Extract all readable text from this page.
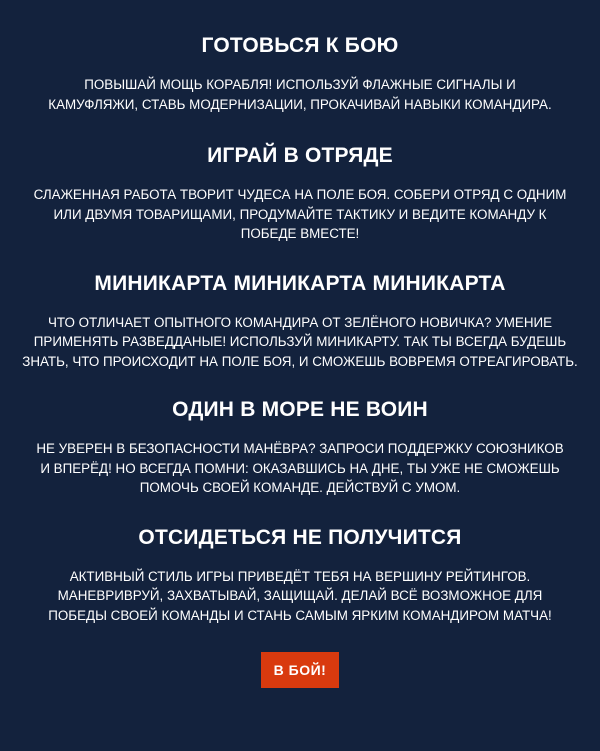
ГОТОВЬСЯ К БОЮ

ПОВЫШАЙ МОЩЬ КОРАБЛЯ! ИСПОЛЬЗУЙ ФЛАЖНЫЕ СИГНАЛЫ И КАМУФЛЯЖИ, СТАВЬ МОДЕРНИЗАЦИИ, ПРОКАЧИВАЙ НАВЫКИ КОМАНДИРА.

ИГРАЙ В ОТРЯДЕ

СЛАЖЕННАЯ РАБОТА ТВОРИТ ЧУДЕСА НА ПОЛЕ БОЯ. СОБЕРИ ОТРЯД С ОДНИМ ИЛИ ДВУМЯ ТОВАРИЩАМИ, ПРОДУМАЙТЕ ТАКТИКУ И ВЕДИТЕ КОМАНДУ К ПОБЕДЕ ВМЕСТЕ!

МИНИКАРТА МИНИКАРТА МИНИКАРТА

ЧТО ОТЛИЧАЕТ ОПЫТНОГО КОМАНДИРА ОТ ЗЕЛЁНОГО НОВИЧКА? УМЕНИЕ ПРИМЕНЯТЬ РАЗВЕДДАНЫЕ! ИСПОЛЬЗУЙ МИНИКАРТУ. ТАК ТЫ ВСЕГДА БУДЕШЬ ЗНАТЬ, ЧТО ПРОИСХОДИТ НА ПОЛЕ БОЯ, И СМОЖЕШЬ ВОВРЕМЯ ОТРЕАГИРОВАТЬ.

ОДИН В МОРЕ НЕ ВОИН

НЕ УВЕРЕН В БЕЗОПАСНОСТИ МАНЁВРА? ЗАПРОСИ ПОДДЕРЖКУ СОЮЗНИКОВ И ВПЕРЁД! НО ВСЕГДА ПОМНИ: ОКАЗАВШИСЬ НА ДНЕ, ТЫ УЖЕ НЕ СМОЖЕШЬ ПОМОЧЬ СВОЕЙ КОМАНДЕ. ДЕЙСТВУЙ С УМОМ.

ОТСИДЕТЬСЯ НЕ ПОЛУЧИТСЯ

АКТИВНЫЙ СТИЛЬ ИГРЫ ПРИВЕДЁТ ТЕБЯ НА ВЕРШИНУ РЕЙТИНГОВ. МАНЕВРИВРУЙ, ЗАХВАТЫВАЙ, ЗАЩИЩАЙ. ДЕЛАЙ ВСЁ ВОЗМОЖНОЕ ДЛЯ ПОБЕДЫ СВОЕЙ КОМАНДЫ И СТАНЬ САМЫМ ЯРКИМ КОМАНДИРОМ МАТЧА!

В БОЙ!
